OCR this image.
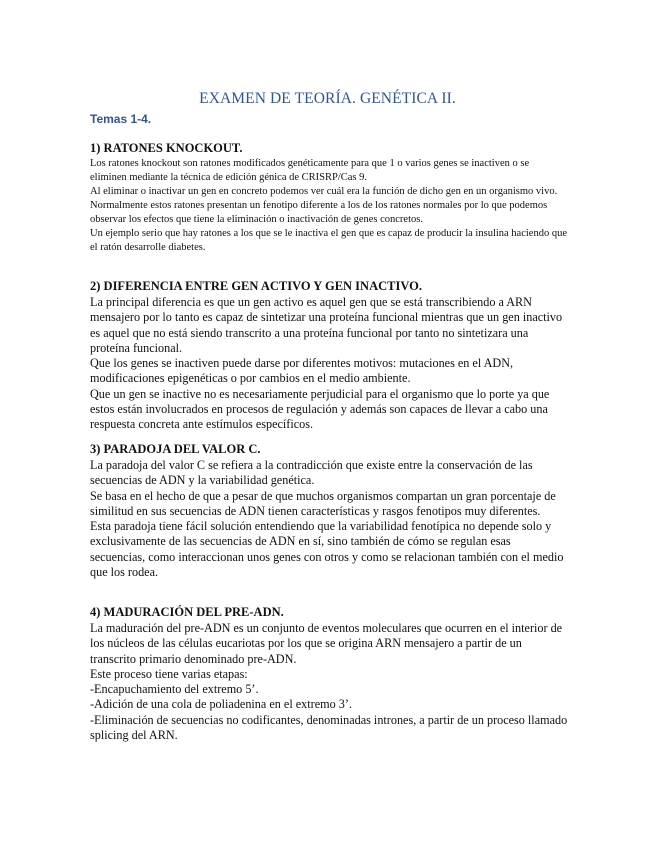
EXAMEN DE TEORÍA. GENÉTICA II.
Temas 1-4.
1) RATONES KNOCKOUT.

Los ratones knockout son ratones modificados genéticamente para que 1 o varios genes se inactiven o se eliminen mediante la técnica de edición génica de CRISRP/Cas 9.

Al eliminar o inactivar un gen en concreto podemos ver cuál era la función de dicho gen en un organismo vivo.

Normalmente estos ratones presentan un fenotipo diferente a los de los ratones normales por lo que podemos observar los efectos que tiene la eliminación o inactivación de genes concretos.

Un ejemplo serio que hay ratones a los que se le inactiva el gen que es capaz de producir la insulina haciendo que el ratón desarrolle diabetes.

2) DIFERENCIA ENTRE GEN ACTIVO Y GEN INACTIVO.

La principal diferencia es que un gen activo es aquel gen que se está transcribiendo a ARN mensajero por lo tanto es capaz de sintetizar una proteína funcional mientras que un gen inactivo es aquel que no está siendo transcrito a una proteína funcional por tanto no sintetizara una proteína funcional.

Que los genes se inactiven puede darse por diferentes motivos: mutaciones en el ADN, modificaciones epigenéticas o por cambios en el medio ambiente.

Que un gen se inactive no es necesariamente perjudicial para el organismo que lo porte ya que estos están involucrados en procesos de regulación y además son capaces de llevar a cabo una respuesta concreta ante estímulos específicos.

3) PARADOJA DEL VALOR C.

La paradoja del valor C se refiera a la contradicción que existe entre la conservación de las secuencias de ADN y la variabilidad genética.

Se basa en el hecho de que a pesar de que muchos organismos compartan un gran porcentaje de similitud en sus secuencias de ADN tienen características y rasgos fenotipos muy diferentes.

Esta paradoja tiene fácil solución entendiendo que la variabilidad fenotípica no depende solo y exclusivamente de las secuencias de ADN en sí, sino también de cómo se regulan esas secuencias, como interaccionan unos genes con otros y como se relacionan también con el medio que los rodea.

4) MADURACIÓN DEL PRE-ADN.

La maduración del pre-ADN es un conjunto de eventos moleculares que ocurren en el interior de los núcleos de las células eucariotas por los que se origina ARN mensajero a partir de un transcrito primario denominado pre-ADN.

Este proceso tiene varias etapas:

-Encapuchamiento del extremo 5’.

-Adición de una cola de poliadenina en el extremo 3’.

-Eliminación de secuencias no codificantes, denominadas intrones, a partir de un proceso llamado splicing del ARN.
